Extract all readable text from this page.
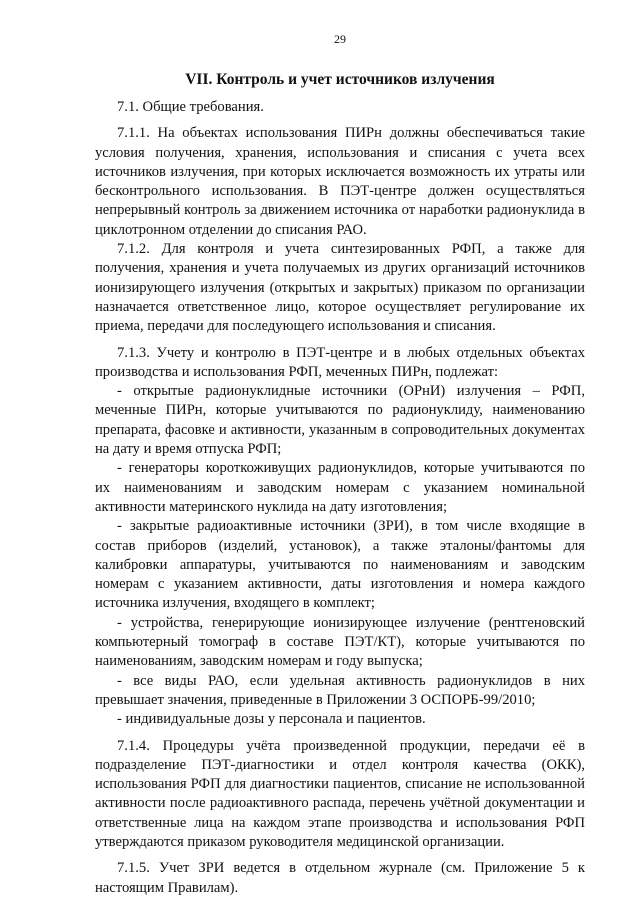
29
VII. Контроль и учет источников излучения

7.1. Общие требования.

7.1.1. На объектах использования ПИРн должны обеспечиваться такие условия получения, хранения, использования и списания с учета всех источников излучения, при которых исключается возможность их утраты или бесконтрольного использования. В ПЭТ-центре должен осуществляться непрерывный контроль за движением источника от наработки радионуклида в циклотронном отделении до списания РАО.

7.1.2. Для контроля и учета синтезированных РФП, а также для получения, хранения и учета получаемых из других организаций источников ионизирующего излучения (открытых и закрытых) приказом по организации назначается ответственное лицо, которое осуществляет регулирование их приема, передачи для последующего использования и списания.

7.1.3. Учету и контролю в ПЭТ-центре и в любых отдельных объектах производства и использования РФП, меченных ПИРн, подлежат:

- открытые радионуклидные источники (ОРнИ) излучения – РФП, меченные ПИРн, которые учитываются по радионуклиду, наименованию препарата, фасовке и активности, указанным в сопроводительных документах на дату и время отпуска РФП;

- генераторы короткоживущих радионуклидов, которые учитываются по их наименованиям и заводским номерам с указанием номинальной активности материнского нуклида на дату изготовления;

- закрытые радиоактивные источники (ЗРИ), в том числе входящие в состав приборов (изделий, установок), а также эталоны/фантомы для калибровки аппаратуры, учитываются по наименованиям и заводским номерам с указанием активности, даты изготовления и номера каждого источника излучения, входящего в комплект;

- устройства, генерирующие ионизирующее излучение (рентгеновский компьютерный томограф в составе ПЭТ/КТ), которые учитываются по наименованиям, заводским номерам и году выпуска;

- все виды РАО, если удельная активность радионуклидов в них превышает значения, приведенные в Приложении 3 ОСПОРБ-99/2010;

- индивидуальные дозы у персонала и пациентов.

7.1.4. Процедуры учёта произведенной продукции, передачи её в подразделение ПЭТ-диагностики и отдел контроля качества (ОКК), использования РФП для диагностики пациентов, списание не использованной активности после радиоактивного распада, перечень учётной документации и ответственные лица на каждом этапе производства и использования РФП утверждаются приказом руководителя медицинской организации.

7.1.5. Учет ЗРИ ведется в отдельном журнале (см. Приложение 5 к настоящим Правилам).
